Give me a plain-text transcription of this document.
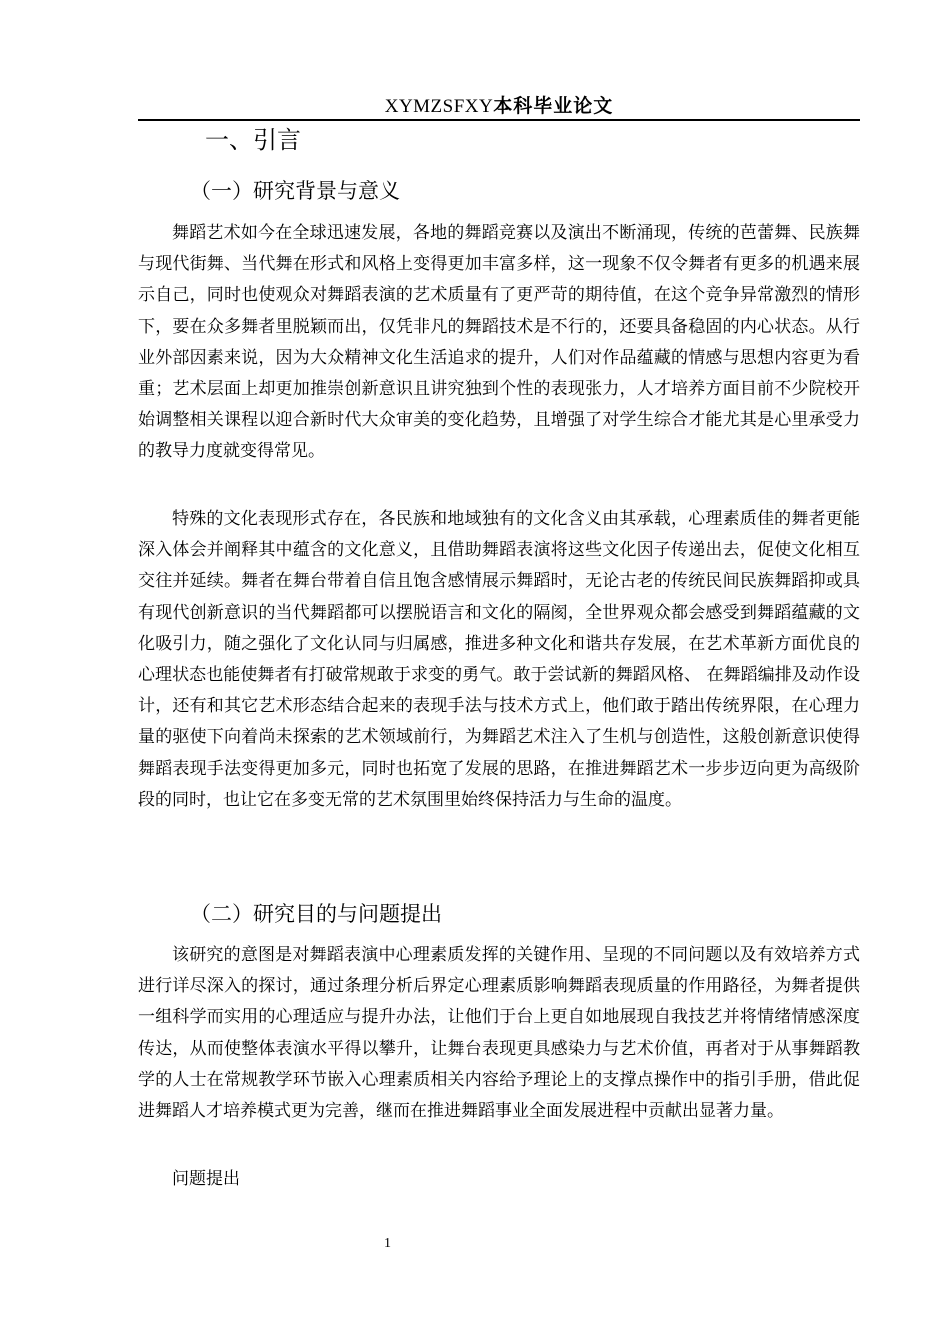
XYMZSFXY本科毕业论文
一、引言
（一）研究背景与意义

舞蹈艺术如今在全球迅速发展，各地的舞蹈竞赛以及演出不断涌现，传统的芭蕾舞、民族舞与现代街舞、当代舞在形式和风格上变得更加丰富多样，这一现象不仅令舞者有更多的机遇来展示自己，同时也使观众对舞蹈表演的艺术质量有了更严苛的期待值，在这个竞争异常激烈的情形下，要在众多舞者里脱颖而出，仅凭非凡的舞蹈技术是不行的，还要具备稳固的内心状态。从行业外部因素来说，因为大众精神文化生活追求的提升，人们对作品蕴藏的情感与思想内容更为看重；艺术层面上却更加推崇创新意识且讲究独到个性的表现张力，人才培养方面目前不少院校开始调整相关课程以迎合新时代大众审美的变化趋势，且增强了对学生综合才能尤其是心里承受力的教导力度就变得常见。

特殊的文化表现形式存在，各民族和地域独有的文化含义由其承载，心理素质佳的舞者更能深入体会并阐释其中蕴含的文化意义，且借助舞蹈表演将这些文化因子传递出去，促使文化相互交往并延续。舞者在舞台带着自信且饱含感情展示舞蹈时，无论古老的传统民间民族舞蹈抑或具有现代创新意识的当代舞蹈都可以摆脱语言和文化的隔阂，全世界观众都会感受到舞蹈蕴藏的文化吸引力，随之强化了文化认同与归属感，推进多种文化和谐共存发展，在艺术革新方面优良的心理状态也能使舞者有打破常规敢于求变的勇气。敢于尝试新的舞蹈风格、 在舞蹈编排及动作设计，还有和其它艺术形态结合起来的表现手法与技术方式上，他们敢于踏出传统界限，在心理力量的驱使下向着尚未探索的艺术领域前行，为舞蹈艺术注入了生机与创造性，这般创新意识使得舞蹈表现手法变得更加多元，同时也拓宽了发展的思路，在推进舞蹈艺术一步步迈向更为高级阶段的同时，也让它在多变无常的艺术氛围里始终保持活力与生命的温度。

（二）研究目的与问题提出

该研究的意图是对舞蹈表演中心理素质发挥的关键作用、呈现的不同问题以及有效培养方式进行详尽深入的探讨，通过条理分析后界定心理素质影响舞蹈表现质量的作用路径，为舞者提供一组科学而实用的心理适应与提升办法，让他们于台上更自如地展现自我技艺并将情绪情感深度传达，从而使整体表演水平得以攀升，让舞台表现更具感染力与艺术价值，再者对于从事舞蹈教学的人士在常规教学环节嵌入心理素质相关内容给予理论上的支撑点操作中的指引手册，借此促进舞蹈人才培养模式更为完善，继而在推进舞蹈事业全面发展进程中贡献出显著力量。

问题提出
1
